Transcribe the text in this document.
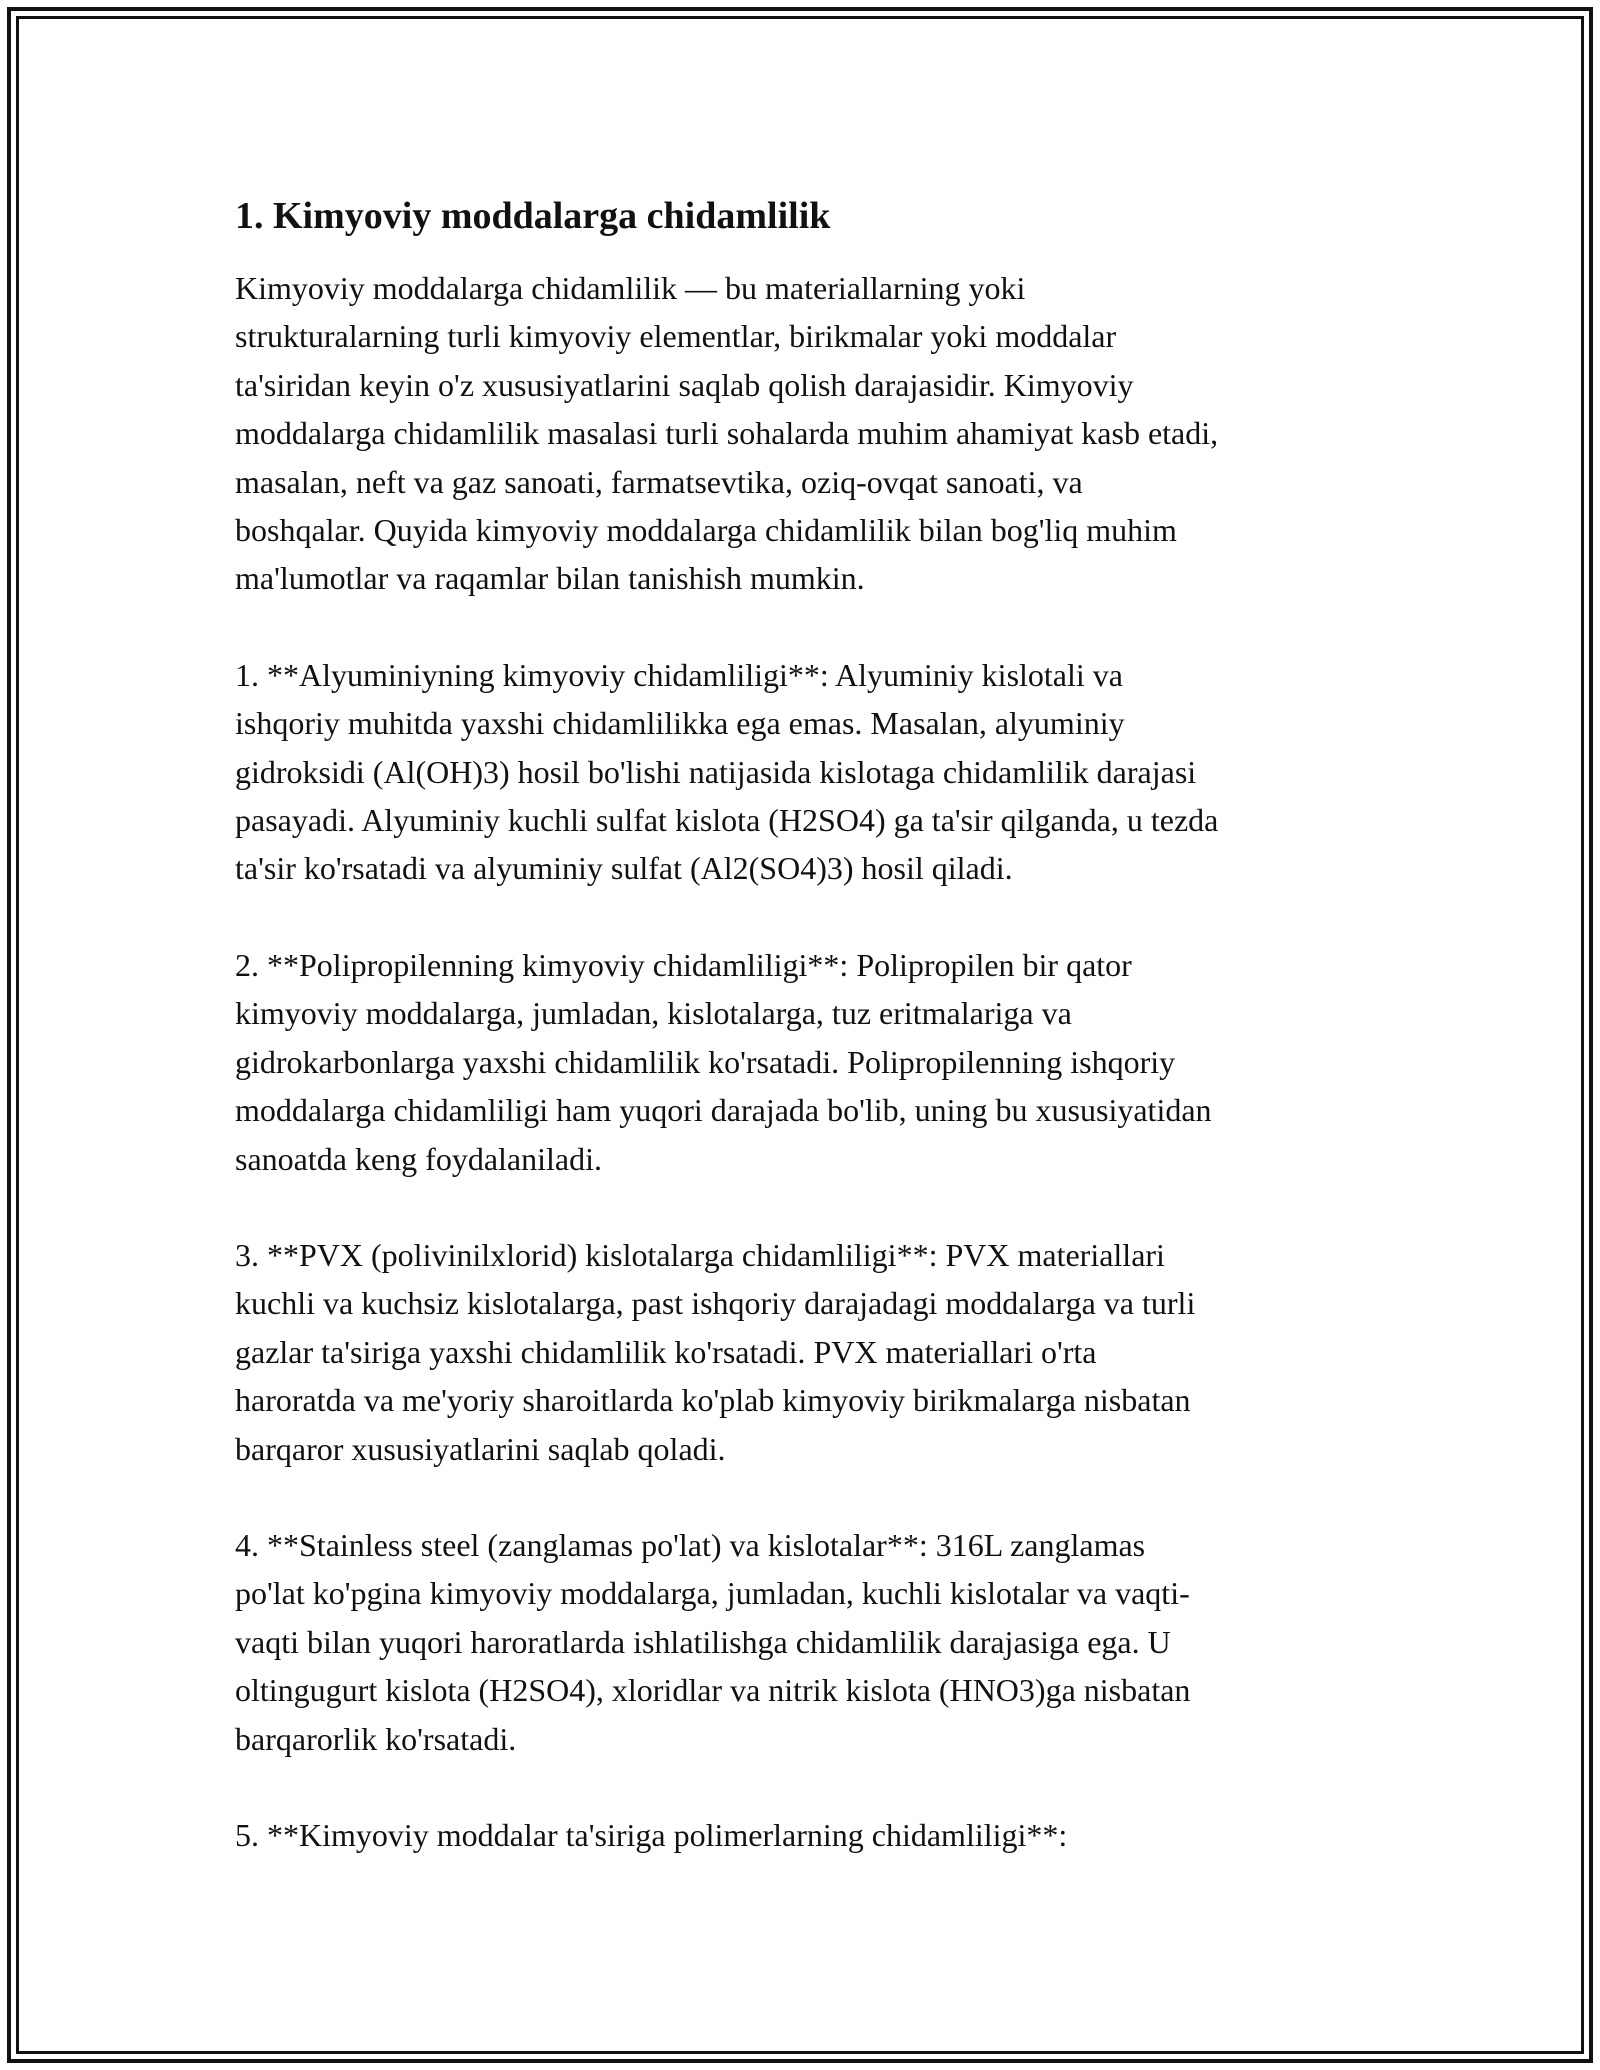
1. Kimyoviy moddalarga chidamlilik

Kimyoviy moddalarga chidamlilik — bu materiallarning yoki
strukturalarning turli kimyoviy elementlar, birikmalar yoki moddalar
ta'siridan keyin o'z xususiyatlarini saqlab qolish darajasidir. Kimyoviy
moddalarga chidamlilik masalasi turli sohalarda muhim ahamiyat kasb etadi,
masalan, neft va gaz sanoati, farmatsevtika, oziq-ovqat sanoati, va
boshqalar. Quyida kimyoviy moddalarga chidamlilik bilan bog'liq muhim
ma'lumotlar va raqamlar bilan tanishish mumkin.

1. **Alyuminiyning kimyoviy chidamliligi**: Alyuminiy kislotali va
ishqoriy muhitda yaxshi chidamlilikka ega emas. Masalan, alyuminiy
gidroksidi (Al(OH)3) hosil bo'lishi natijasida kislotaga chidamlilik darajasi
pasayadi. Alyuminiy kuchli sulfat kislota (H2SO4) ga ta'sir qilganda, u tezda
ta'sir ko'rsatadi va alyuminiy sulfat (Al2(SO4)3) hosil qiladi.

2. **Polipropilenning kimyoviy chidamliligi**: Polipropilen bir qator
kimyoviy moddalarga, jumladan, kislotalarga, tuz eritmalariga va
gidrokarbonlarga yaxshi chidamlilik ko'rsatadi. Polipropilenning ishqoriy
moddalarga chidamliligi ham yuqori darajada bo'lib, uning bu xususiyatidan
sanoatda keng foydalaniladi.

3. **PVX (polivinilxlorid) kislotalarga chidamliligi**: PVX materiallari
kuchli va kuchsiz kislotalarga, past ishqoriy darajadagi moddalarga va turli
gazlar ta'siriga yaxshi chidamlilik ko'rsatadi. PVX materiallari o'rta
haroratda va me'yoriy sharoitlarda ko'plab kimyoviy birikmalarga nisbatan
barqaror xususiyatlarini saqlab qoladi.

4. **Stainless steel (zanglamas po'lat) va kislotalar**: 316L zanglamas
po'lat ko'pgina kimyoviy moddalarga, jumladan, kuchli kislotalar va vaqti-
vaqti bilan yuqori haroratlarda ishlatilishga chidamlilik darajasiga ega. U
oltingugurt kislota (H2SO4), xloridlar va nitrik kislota (HNO3)ga nisbatan
barqarorlik ko'rsatadi.

5. **Kimyoviy moddalar ta'siriga polimerlarning chidamliligi**:
